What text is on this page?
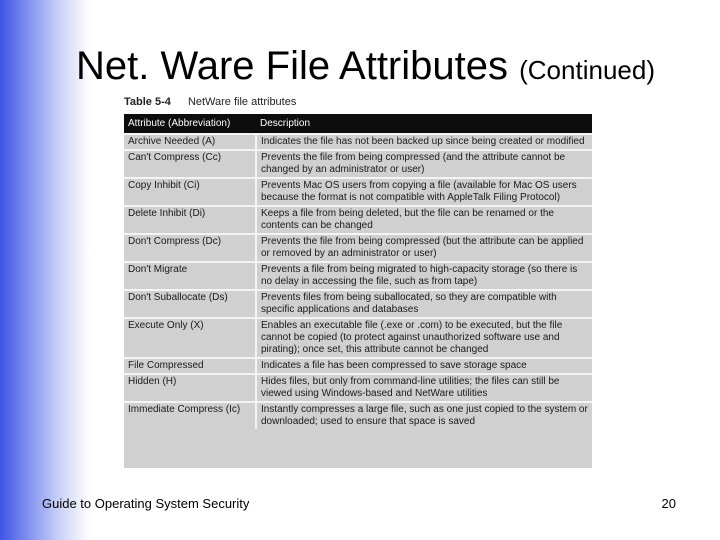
Net. Ware File Attributes (Continued)
Table 5-4 NetWare file attributes
Attribute (Abbreviation)	Description
Archive Needed (A)	Indicates the file has not been backed up since being created or modified
Can't Compress (Cc)	Prevents the file from being compressed (and the attribute cannot be changed by an administrator or user)
Copy Inhibit (Ci)	Prevents Mac OS users from copying a file (available for Mac OS users because the format is not compatible with AppleTalk Filing Protocol)
Delete Inhibit (Di)	Keeps a file from being deleted, but the file can be renamed or the contents can be changed
Don't Compress (Dc)	Prevents the file from being compressed (but the attribute can be applied or removed by an administrator or user)
Don't Migrate	Prevents a file from being migrated to high-capacity storage (so there is no delay in accessing the file, such as from tape)
Don't Suballocate (Ds)	Prevents files from being suballocated, so they are compatible with specific applications and databases
Execute Only (X)	Enables an executable file (.exe or .com) to be executed, but the file cannot be copied (to protect against unauthorized software use and pirating); once set, this attribute cannot be changed
File Compressed	Indicates a file has been compressed to save storage space
Hidden (H)	Hides files, but only from command-line utilities; the files can still be viewed using Windows-based and NetWare utilities
Immediate Compress (Ic)	Instantly compresses a large file, such as one just copied to the system or downloaded; used to ensure that space is saved
Guide to Operating System Security	20
